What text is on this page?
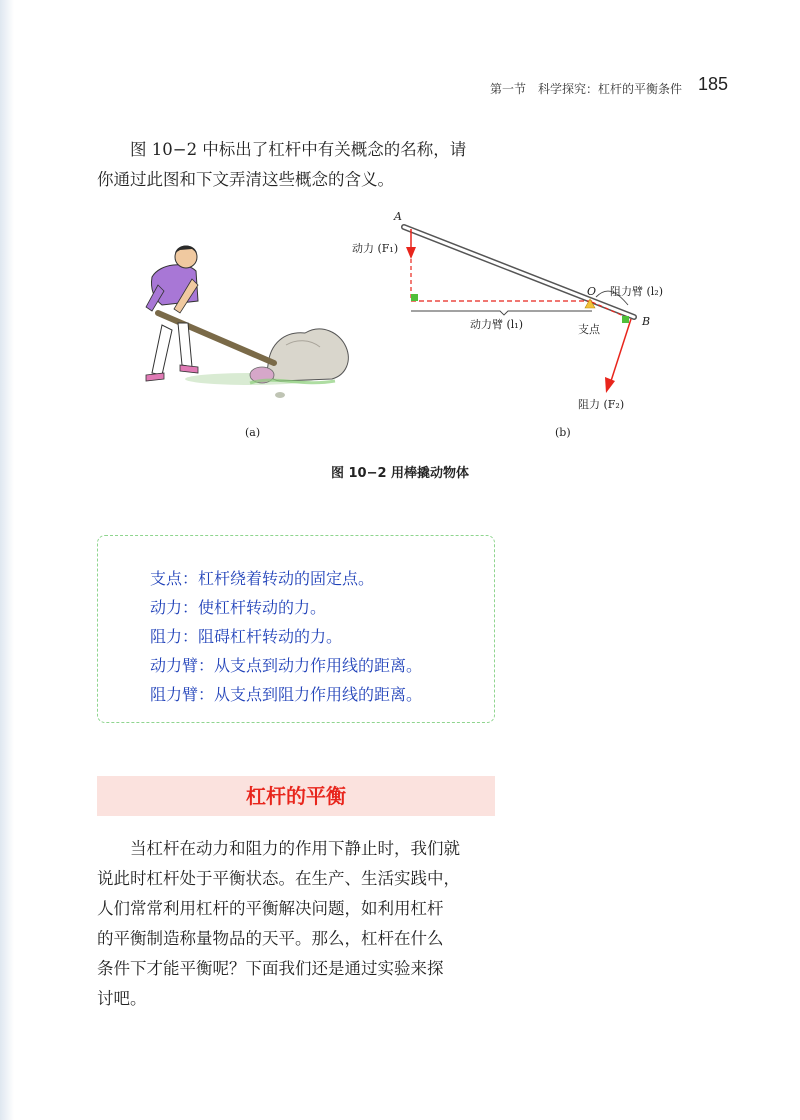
第一节　科学探究：杠杆的平衡条件 185
图 10−2 中标出了杠杆中有关概念的名称，请
你通过此图和下文弄清这些概念的含义。
A
动力 (F₁)
O 阻力臂 (l₂)
B
动力臂 (l₁)	支点
阻力 (F₂)
(a)	(b)
图 10−2 用棒撬动物体
支点：杠杆绕着转动的固定点。
动力：使杠杆转动的力。
阻力：阻碍杠杆转动的力。
动力臂：从支点到动力作用线的距离。
阻力臂：从支点到阻力作用线的距离。
杠杆的平衡
当杠杆在动力和阻力的作用下静止时，我们就
说此时杠杆处于平衡状态。在生产、生活实践中，
人们常常利用杠杆的平衡解决问题，如利用杠杆
的平衡制造称量物品的天平。那么，杠杆在什么
条件下才能平衡呢？下面我们还是通过实验来探
讨吧。
